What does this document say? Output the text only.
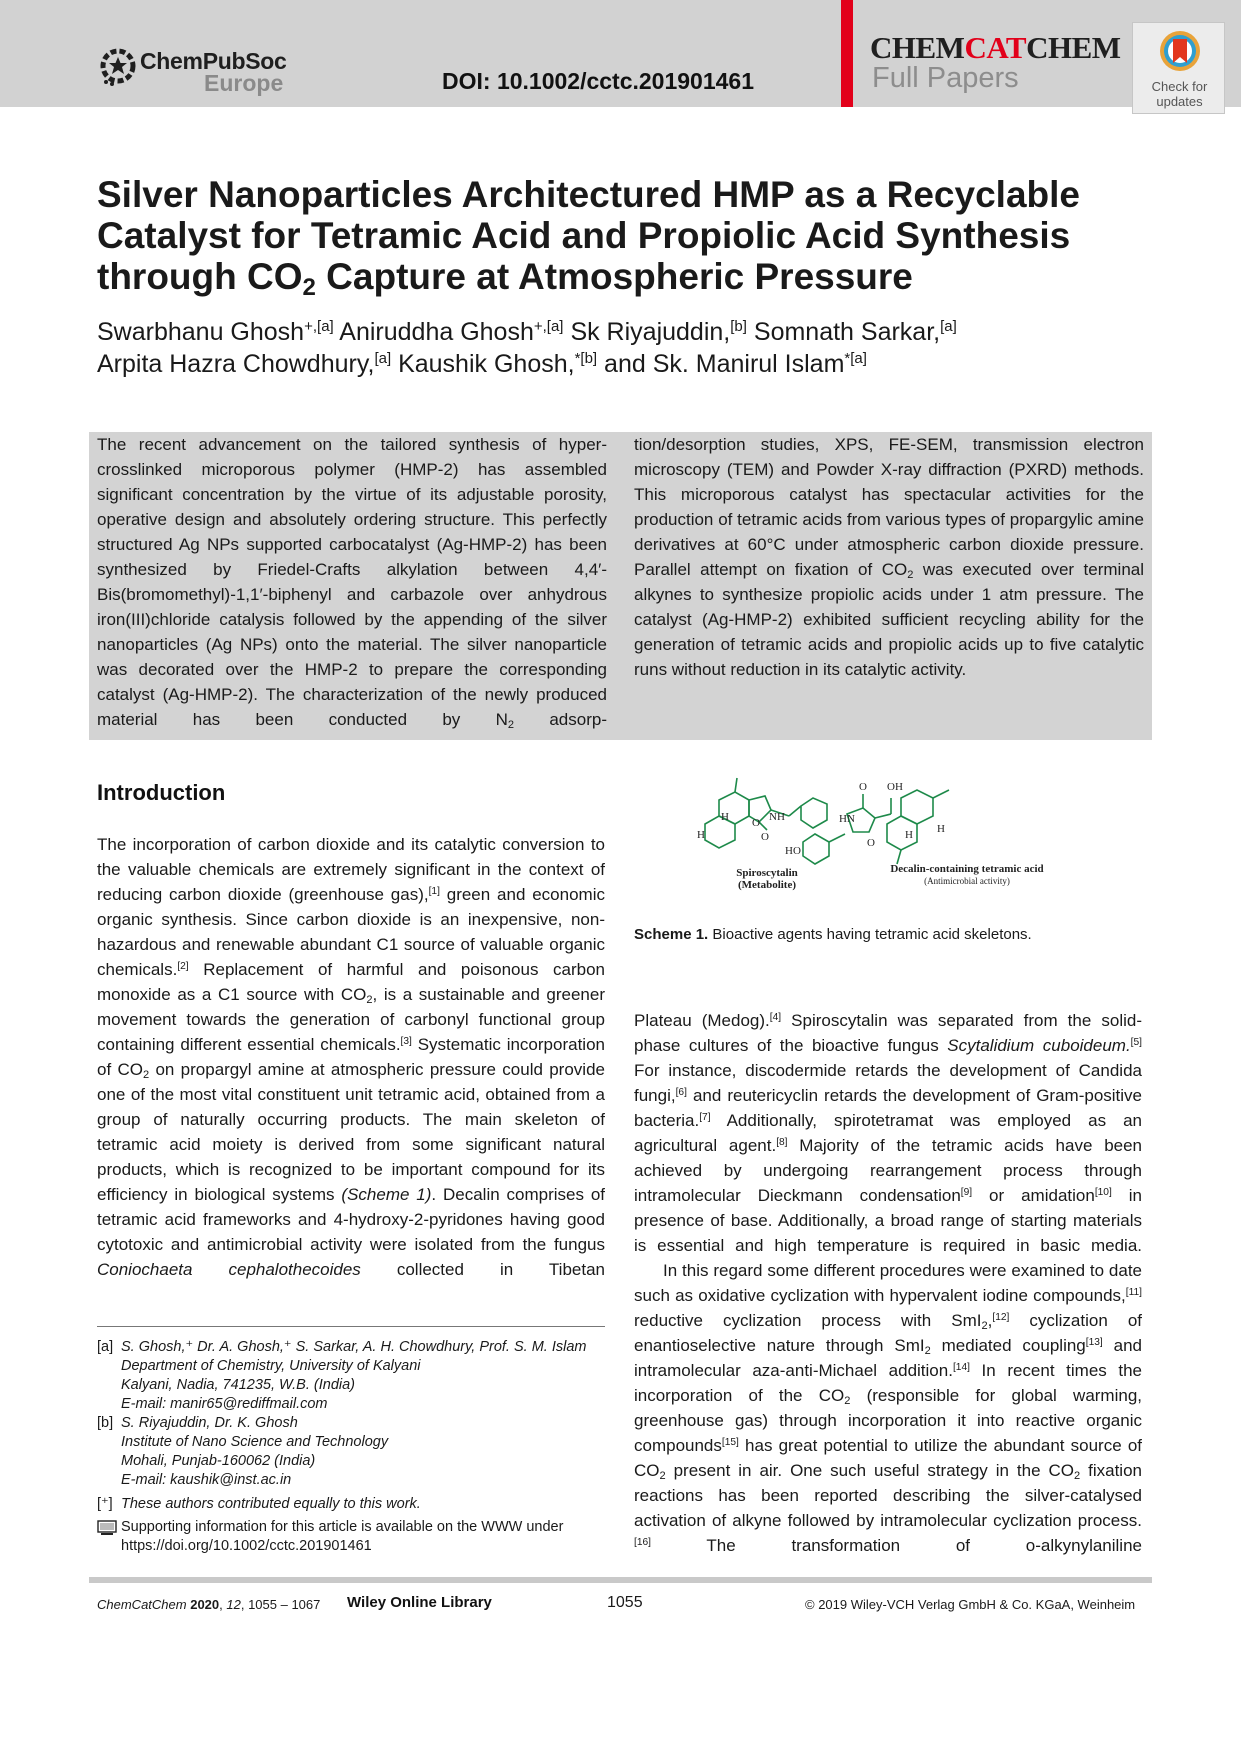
ChemPubSoc
Europe	DOI: 10.1002/cctc.201901461
CHEMCATCHEM
Full Papers	Check for
updates
Silver Nanoparticles Architectured HMP as a Recyclable
Catalyst for Tetramic Acid and Propiolic Acid Synthesis
through $CO_2$ Capture at Atmospheric Pressure
Swarbhanu Ghosh$^{+,[a]}$ Aniruddha Ghosh$^{+,[a]}$ Sk Riyajuddin,[b] Somnath Sarkar,[a]
Arpita Hazra Chowdhury,[a] Kaushik Ghosh,$^{*[b]}$ and Sk. Manirul Islam$^{*[a]}$
The recent advancement on the tailored synthesis of hyper-crosslinked microporous polymer (HMP-2) has assembled significant concentration by the virtue of its adjustable porosity, operative design and absolutely ordering structure. This perfectly structured Ag NPs supported carbocatalyst (Ag-HMP-2) has been synthesized by Friedel-Crafts alkylation between 4,4′-Bis(bromomethyl)-1,1′-biphenyl and carbazole over anhydrous iron(III)chloride catalysis followed by the appending of the silver nanoparticles (Ag NPs) onto the material. The silver nanoparticle was decorated over the HMP-2 to prepare the corresponding catalyst (Ag-HMP-2). The characterization of the newly produced material has been conducted by $N_2$ adsorp-
tion/desorption studies, XPS, FE-SEM, transmission electron microscopy (TEM) and Powder X-ray diffraction (PXRD) methods. This microporous catalyst has spectacular activities for the production of tetramic acids from various types of propargylic amine derivatives at 60°C under atmospheric carbon dioxide pressure. Parallel attempt on fixation of $CO_2$ was executed over terminal alkynes to synthesize propiolic acids under 1 atm pressure. The catalyst (Ag-HMP-2) exhibited sufficient recycling ability for the generation of tetramic acids and propiolic acids up to five catalytic runs without reduction in its catalytic activity.
Introduction
The incorporation of carbon dioxide and its catalytic conversion to the valuable chemicals are extremely significant in the context of reducing carbon dioxide (greenhouse gas),[1] green and economic organic synthesis. Since carbon dioxide is an inexpensive, non-hazardous and renewable abundant C1 source of valuable organic chemicals.[2] Replacement of harmful and poisonous carbon monoxide as a C1 source with $CO_2$, is a sustainable and greener movement towards the generation of carbonyl functional group containing different essential chemicals.[3] Systematic incorporation of $CO_2$ on propargyl amine at atmospheric pressure could provide one of the most vital constituent unit tetramic acid, obtained from a group of naturally occurring products. The main skeleton of tetramic acid moiety is derived from some significant natural products, which is recognized to be important compound for its efficiency in biological systems (Scheme 1). Decalin comprises of tetramic acid frameworks and 4-hydroxy-2-pyridones having good cytotoxic and antimicrobial activity were isolated from the fungus Coniochaeta cephalothecoides collected in Tibetan
H
H O NH
O
HO
HN
O OH
O
H
H
Spiroscytalin
(Metabolite)
Decalin-containing tetramic acid
(Antimicrobial activity)
Scheme 1. Bioactive agents having tetramic acid skeletons.

Plateau (Medog).[4] Spiroscytalin was separated from the solid-phase cultures of the bioactive fungus Scytalidium cuboideum.[5] For instance, discodermide retards the development of Candida fungi,[6] and reutericyclin retards the development of Gram-positive bacteria.[7] Additionally, spirotetramat was employed as an agricultural agent.[8] Majority of the tetramic acids have been achieved by undergoing rearrangement process through intramolecular Dieckmann condensation[9] or amidation[10] in presence of base. Additionally, a broad range of starting materials is essential and high temperature is required in basic media.

In this regard some different procedures were examined to date such as oxidative cyclization with hypervalent iodine compounds,[11] reductive cyclization process with SmI$_2$,[12] cyclization of enantioselective nature through SmI$_2$ mediated coupling[13] and intramolecular aza-anti-Michael addition.[14] In recent times the incorporation of the $CO_2$ (responsible for global warming, greenhouse gas) through incorporation it into reactive organic compounds[15] has great potential to utilize the abundant source of $CO_2$ present in air. One such useful strategy in the $CO_2$ fixation reactions has been reported describing the silver-catalysed activation of alkyne followed by intramolecular cyclization process.[16] The transformation of o-alkynylaniline

[a] S. Ghosh,⁺ Dr. A. Ghosh,⁺ S. Sarkar, A. H. Chowdhury, Prof. S. M. Islam
Department of Chemistry, University of Kalyani
Kalyani, Nadia, 741235, W.B. (India)
E-mail: manir65@rediffmail.com
[b] S. Riyajuddin, Dr. K. Ghosh
Institute of Nano Science and Technology
Mohali, Punjab-160062 (India)
E-mail: kaushik@inst.ac.in
[⁺] These authors contributed equally to this work.
Supporting information for this article is available on the WWW under https://doi.org/10.1002/cctc.201901461
ChemCatChem 2020, 12, 1055 – 1067 Wiley Online Library	1055	© 2019 Wiley-VCH Verlag GmbH & Co. KGaA, Weinheim
